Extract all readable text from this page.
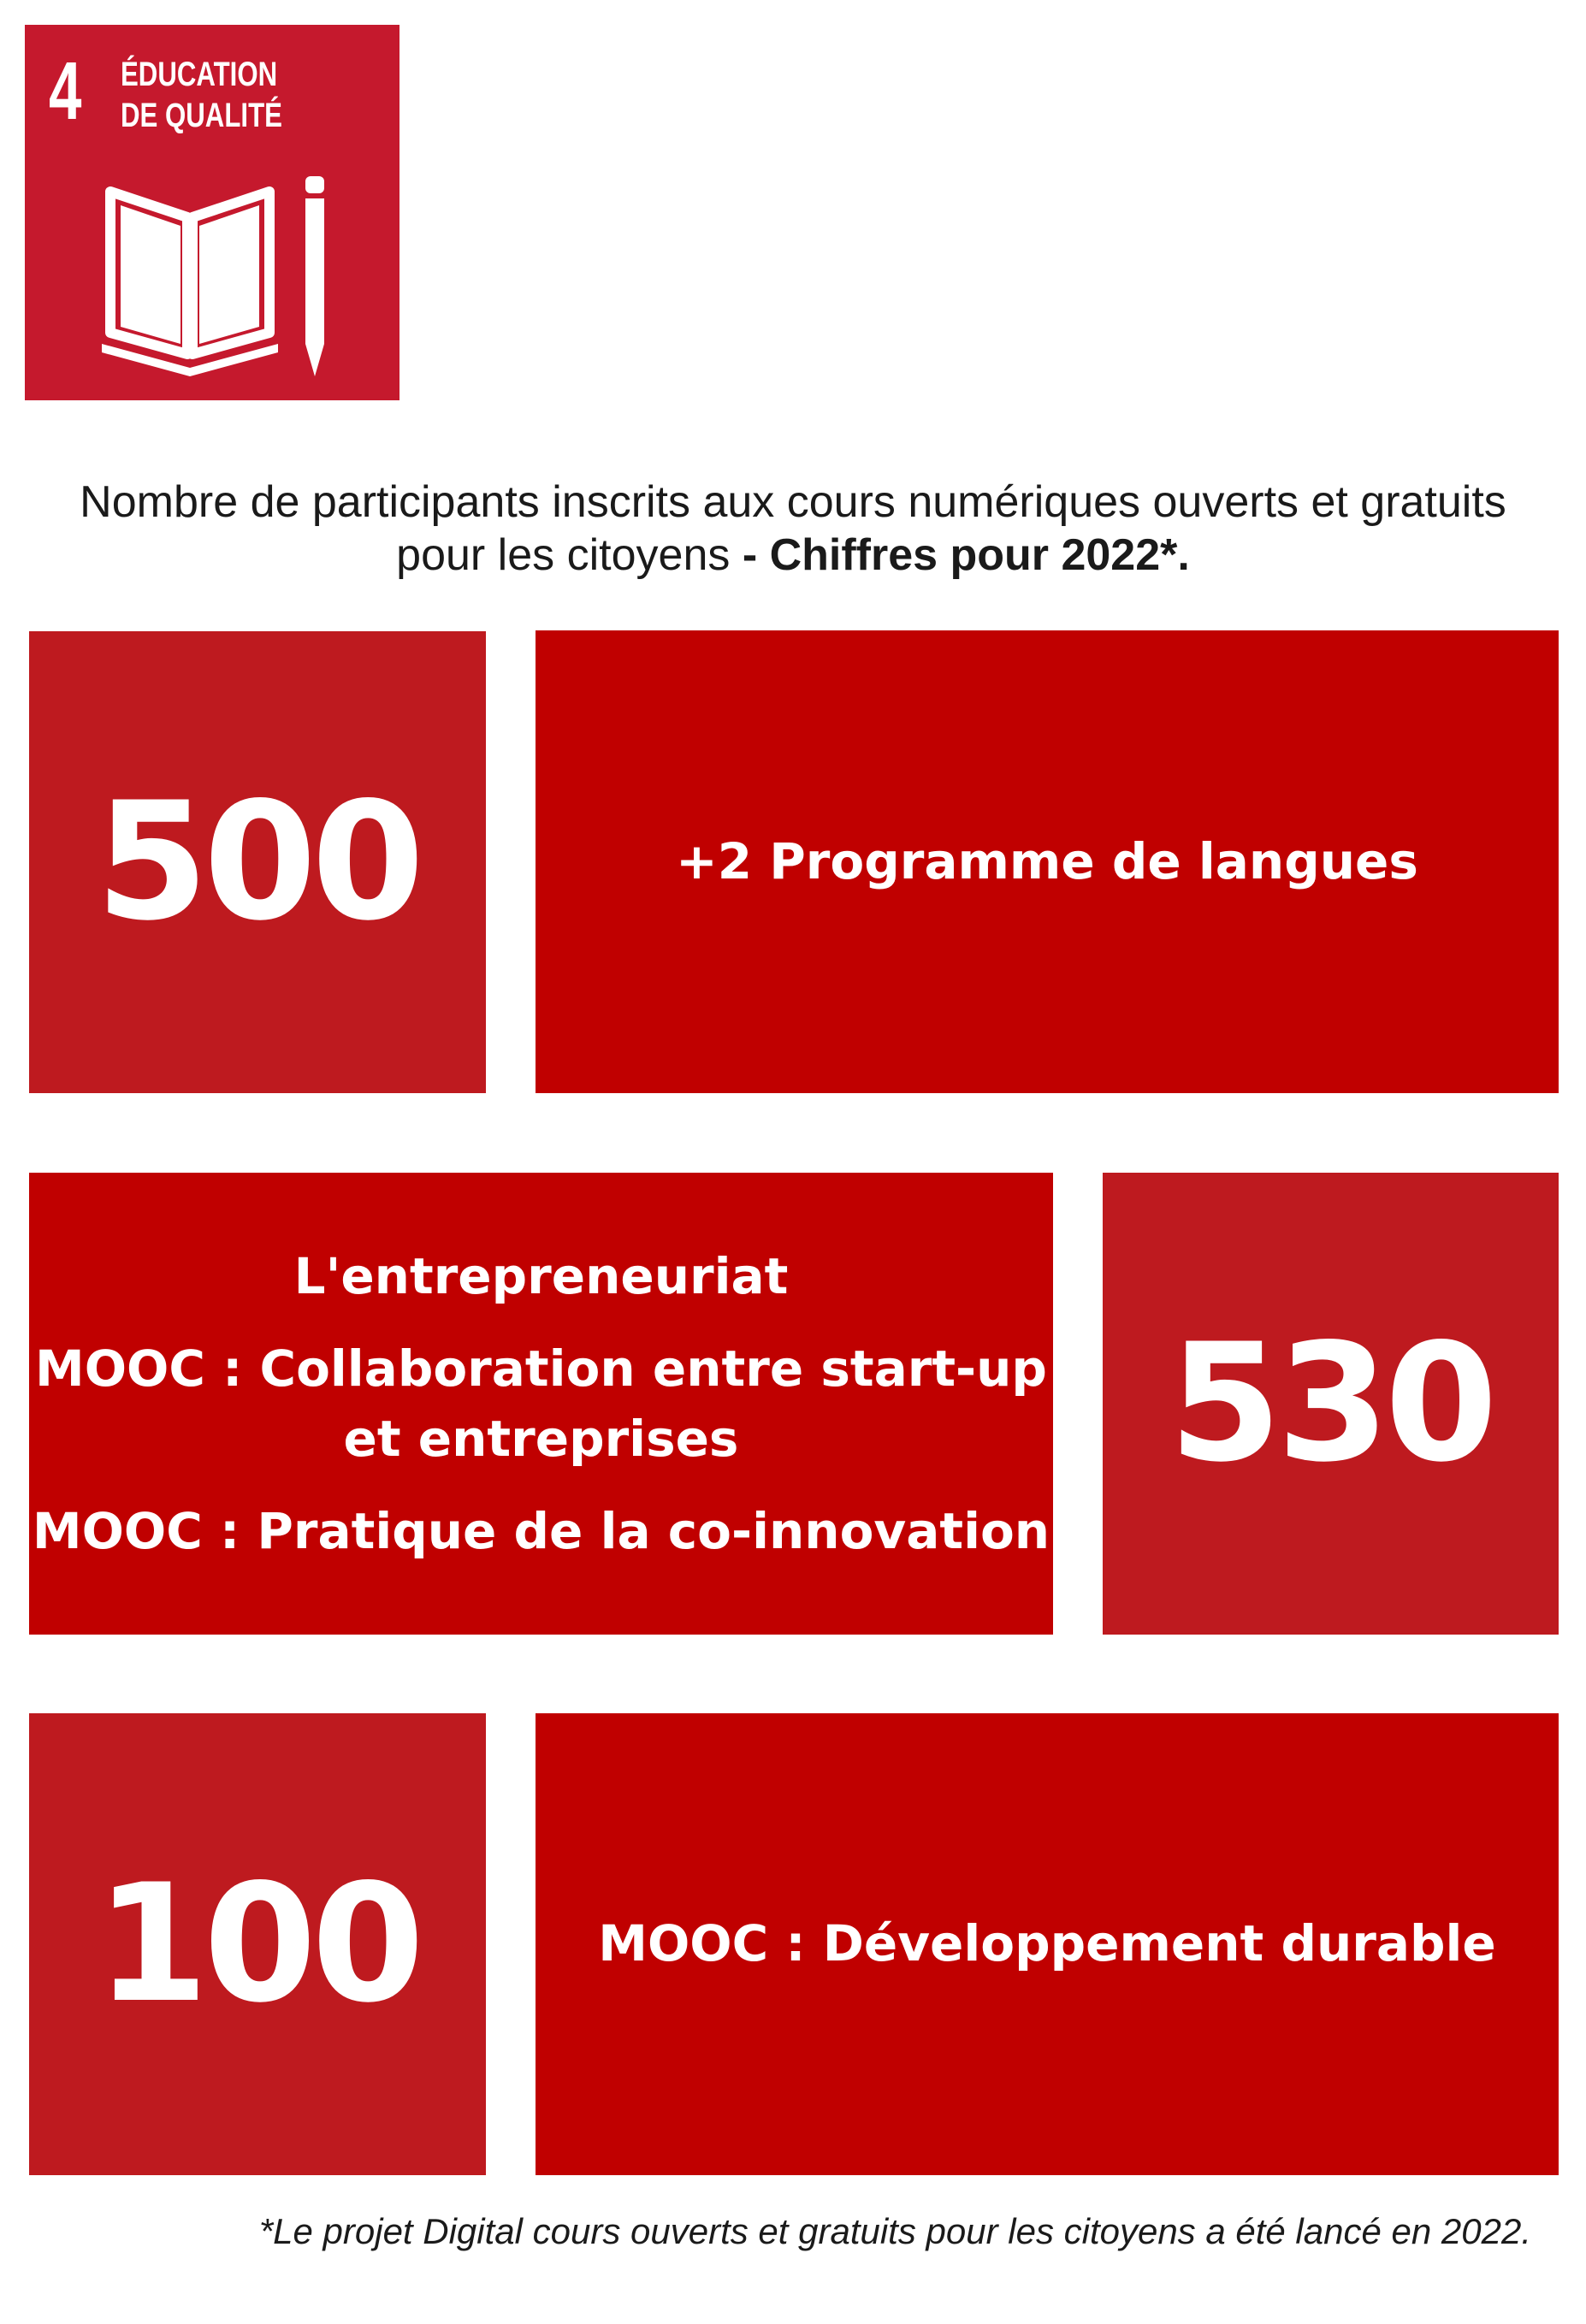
4 ÉDUCATION
DE QUALITÉ
Nombre de participants inscrits aux cours numériques ouverts et gratuits pour les citoyens - Chiffres pour 2022*.
500	+2 Programme de langues
L'entrepreneuriat
MOOC : Collaboration entre start-up
et entreprises
MOOC : Pratique de la co-innovation
530
100	MOOC : Développement durable
*Le projet Digital cours ouverts et gratuits pour les citoyens a été lancé en 2022.
